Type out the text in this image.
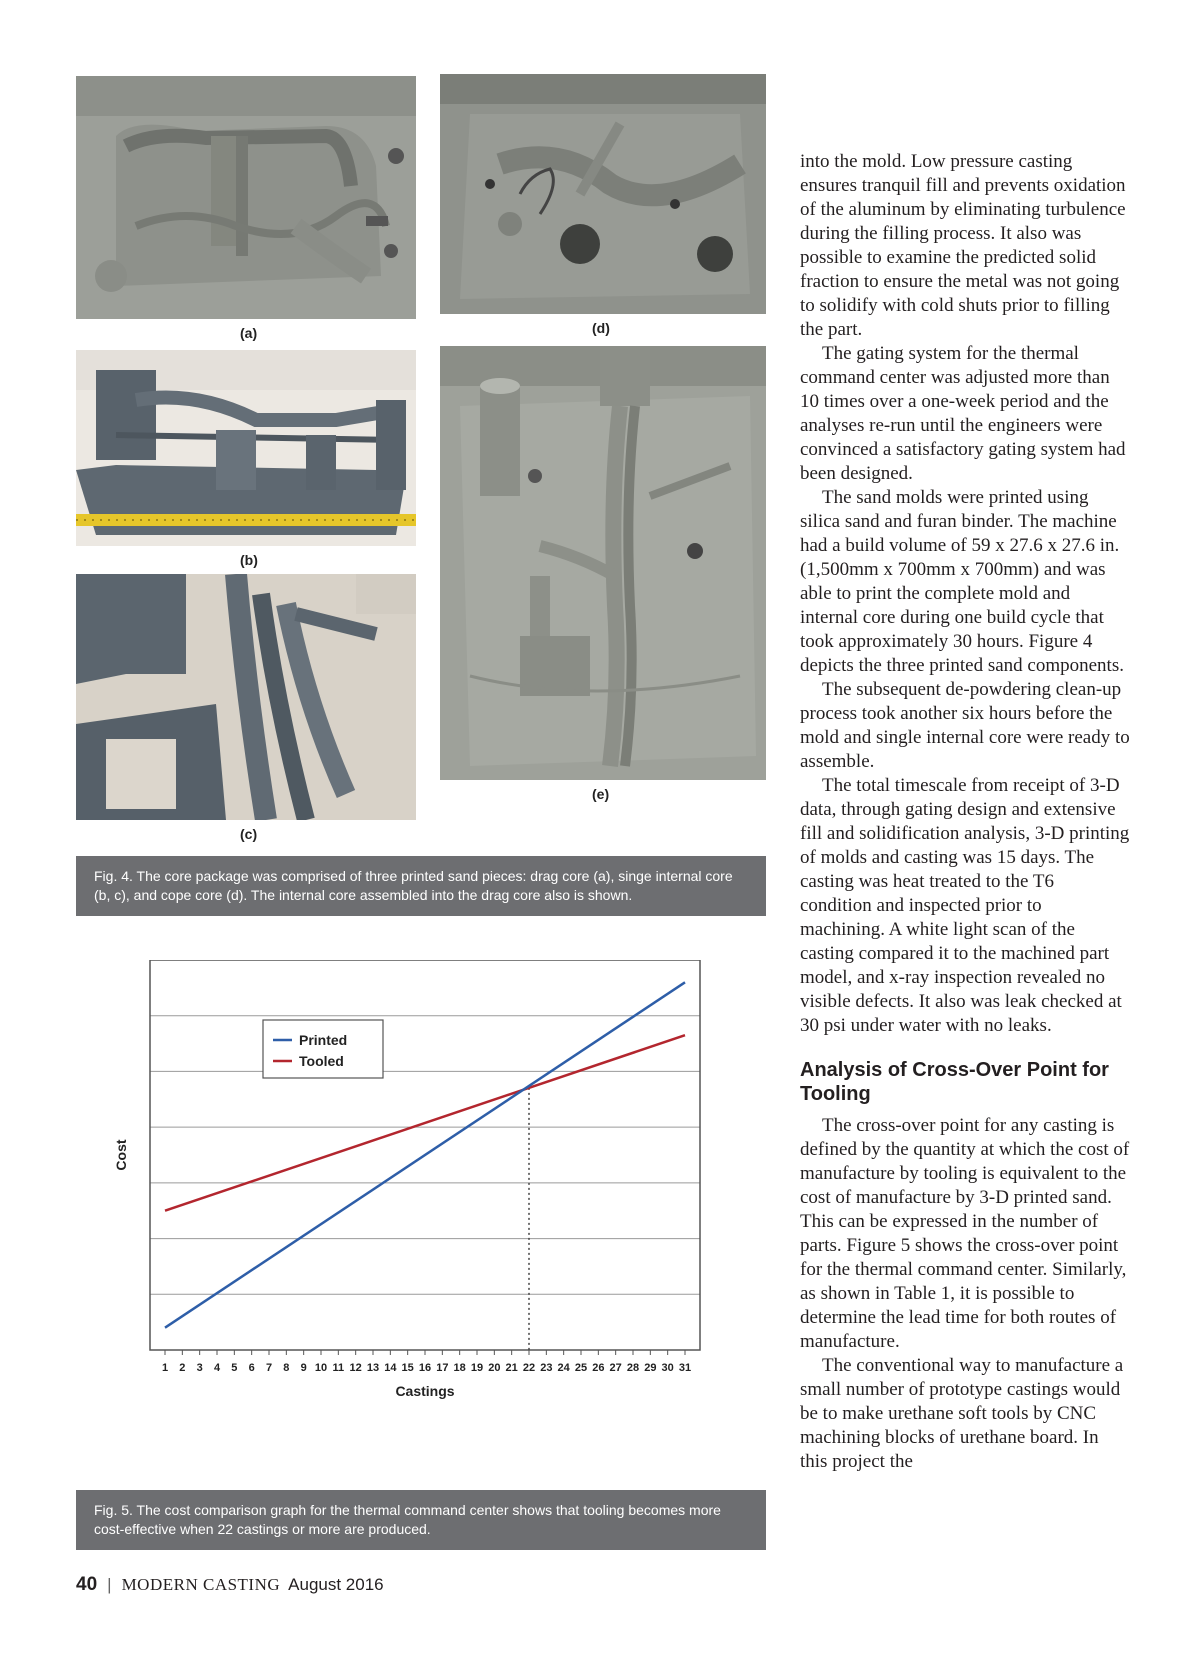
(a)
(b)
(c)
(d)
(e)
Fig. 4. The core package was comprised of three printed sand pieces: drag core (a), singe internal core (b, c), and cope core (d). The internal core assembled into the drag core also is shown.
1 2 3 4 5 6 7 8 9 10 11 12 13 14 15 16 17 18 19 20 21 22 23 24 25 26 27 28 29 30 31
Castings
Cost
Printed
Tooled
Fig. 5. The cost comparison graph for the thermal command center shows that tooling becomes more cost-effective when 22 castings or more are produced.

into the mold. Low pressure casting ensures tranquil fill and prevents oxidation of the aluminum by eliminating turbulence during the filling process. It also was possible to examine the predicted solid fraction to ensure the metal was not going to solidify with cold shuts prior to filling the part.

The gating system for the thermal command center was adjusted more than 10 times over a one-week period and the analyses re-run until the engineers were convinced a satisfactory gating system had been designed.

The sand molds were printed using silica sand and furan binder. The machine had a build volume of 59 x 27.6 x 27.6 in. (1,500mm x 700mm x 700mm) and was able to print the complete mold and internal core during one build cycle that took approximately 30 hours. Figure 4 depicts the three printed sand components.

The subsequent de-powdering clean-up process took another six hours before the mold and single internal core were ready to assemble.

The total timescale from receipt of 3-D data, through gating design and extensive fill and solidification analysis, 3-D printing of molds and casting was 15 days. The casting was heat treated to the T6 condition and inspected prior to machining. A white light scan of the casting compared it to the machined part model, and x-ray inspection revealed no visible defects. It also was leak checked at 30 psi under water with no leaks.

Analysis of Cross-Over Point for Tooling

The cross-over point for any casting is defined by the quantity at which the cost of manufacture by tooling is equivalent to the cost of manufacture by 3-D printed sand. This can be expressed in the number of parts. Figure 5 shows the cross-over point for the thermal command center. Similarly, as shown in Table 1, it is possible to determine the lead time for both routes of manufacture.

The conventional way to manufacture a small number of prototype castings would be to make urethane soft tools by CNC machining blocks of urethane board. In this project the

40 | MODERN CASTING August 2016
